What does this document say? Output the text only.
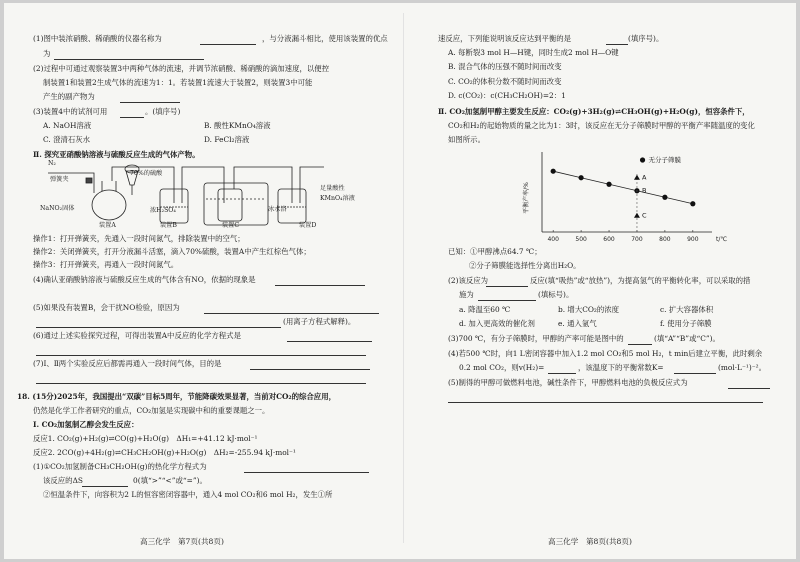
(1)图中装浓硝酸、稀硝酸的仪器名称为	，与分液漏斗相比，使用该装置的优点
为
(2)过程中可通过观察装置3中两种气体的流速，并调节浓硝酸、稀硝酸的滴加速度，以便控
制装置1和装置2生成气体的流速为1：1。若装置1流速大于装置2，则装置3中可能
产生的副产物为
(3)装置4中的试剂可用	。(填序号)
A. NaOH溶液	B. 酸性KMnO₄溶液
C. 澄清石灰水	D. FeCl₂溶液
Ⅱ. 探究亚硝酸钠溶液与硫酸反应生成的气体产物。
操作1：打开弹簧夹，先通入一段时间氮气，排除装置中的空气；
操作2：关闭弹簧夹，打开分液漏斗活塞，滴入70%硫酸，装置A中产生红棕色气体；
操作3：打开弹簧夹，再通入一段时间氮气。
(4)确认亚硝酸钠溶液与硫酸反应生成的气体含有NO，依据的现象是
(5)如果没有装置B，会干扰NO检验，原因为
(用离子方程式解释)。
(6)通过上述实验探究过程，可得出装置A中反应的化学方程式是
(7)Ⅰ、Ⅱ两个实验反应后都需再通入一段时间气体，目的是
18. (15分)2025年，我国提出“双碳”目标5周年，节能降碳效果显著，当前对CO₂的综合应用，
仍然是化学工作者研究的重点，CO₂加氢是实现碳中和的重要课题之一。
Ⅰ. CO₂加氢制乙醇会发生反应：
反应1. CO₂(g)+H₂(g)⇌CO(g)+H₂O(g)　ΔH₁=+41.12 kJ·mol⁻¹
反应2. 2CO(g)+4H₂(g)⇌CH₃CH₂OH(g)+H₂O(g)　ΔH₂=-255.94 kJ·mol⁻¹
(1)①CO₂加氢制备CH₃CH₂OH(g)的热化学方程式为
该反应的ΔS	0(填“>”“<”或“=”)。
②恒温条件下，向容积为2 L的恒容密闭容器中，通入4 mol CO₂和6 mol H₂，发生①所
速反应，下列能说明该反应达到平衡的是	(填序号)。
A. 每断裂3 mol H—H键，同时生成2 mol H—O键
B. 混合气体的压强不随时间而改变
C. CO₂的体积分数不随时间而改变
D. c(CO₂)：c(CH₃CH₂OH)=2：1
Ⅱ. CO₂加氢制甲醇主要发生反应：CO₂(g)+3H₂(g)⇌CH₃OH(g)+H₂O(g)，恒容条件下，
CO₂和H₂的起始物质的量之比为1：3时，该反应在无分子筛膜时甲醇的平衡产率随温度的变化
如图所示。
已知：①甲醇沸点64.7 ℃；
②分子筛膜能选择性分离出H₂O。
(2)该反应为	反应(填“吸热”或“放热”)，为提高氢气的平衡转化率，可以采取的措
施为	(填标号)。
a. 降温至60 ℃	b. 增大CO₂的浓度	c. 扩大容器体积
d. 加入更高效的催化剂	e. 通入氩气	f. 使用分子筛膜
(3)700 ℃，有分子筛膜时，甲醇的产率可能是图中的	(填“A”“B”或“C”)。
(4)若500 ℃时，向1 L密闭容器中加入1.2 mol CO₂和5 mol H₂，t min后建立平衡，此时剩余
0.2 mol CO₂，则v(H₂)=	，该温度下的平衡常数K=	(mol·L⁻¹)⁻²。
(5)制得的甲醇可做燃料电池，碱性条件下，甲醇燃料电池的负极反应式为
N₂
弹簧夹
70%的硫酸
NaNO₂固体	浓H₂SO₄	冰水浴
足量酸性
KMnO₄溶液
装置A	装置B	装置C	装置D
平衡产率/%
t/℃
400	500	600	700	800	900
A
B
C
无分子筛膜
高三化学　第7页(共8页)	高三化学　第8页(共8页)
